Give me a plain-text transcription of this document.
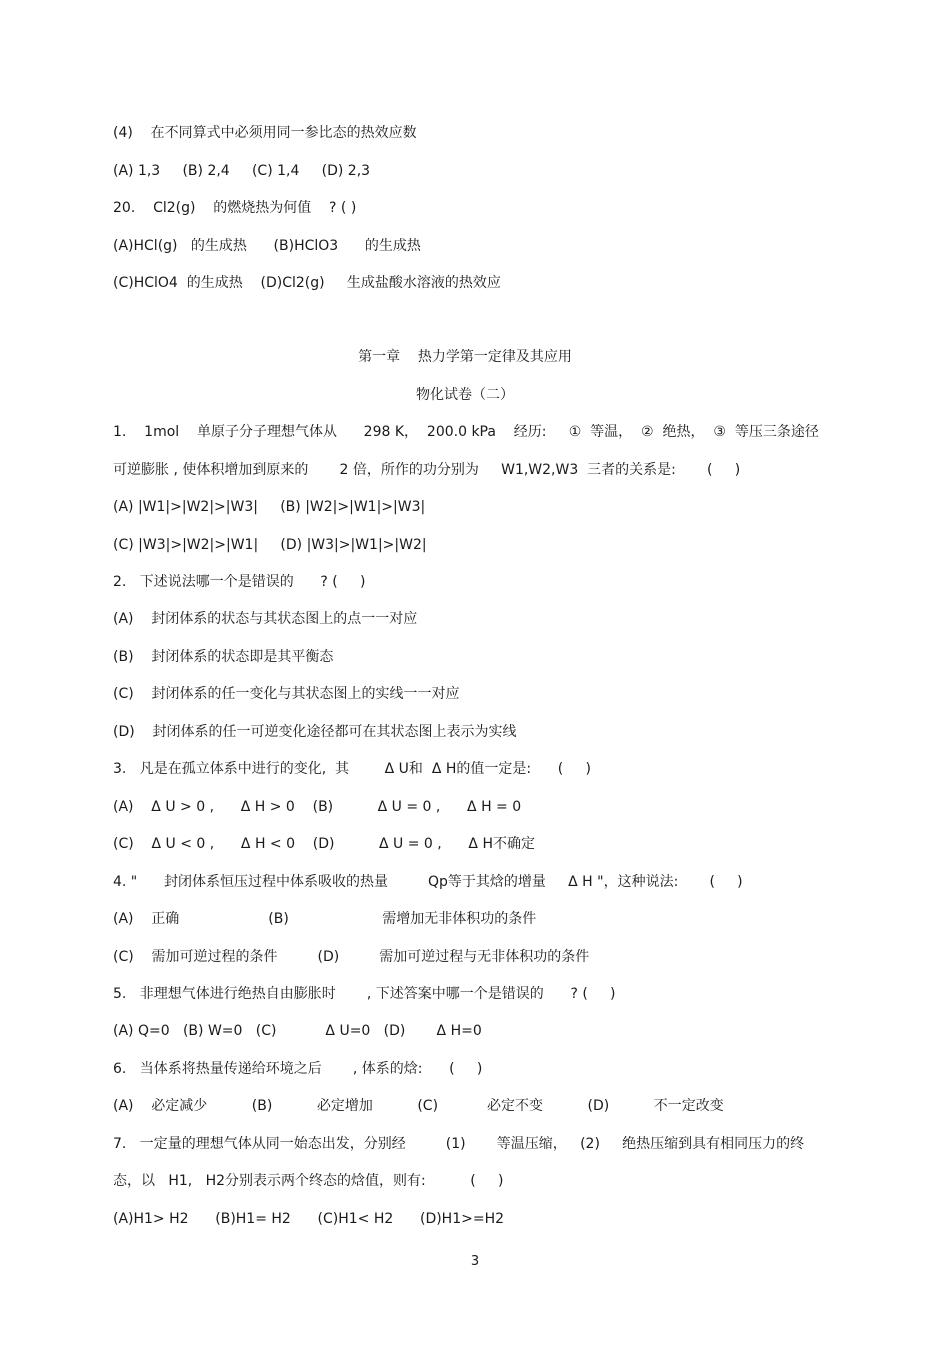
(4)    在不同算式中必须用同一参比态的热效应数
(A) 1,3     (B) 2,4     (C) 1,4     (D) 2,3
20.    Cl2(g)    的燃烧热为何值    ? ( )
(A)HCl(g)   的生成热      (B)HClO3      的生成热
(C)HClO4  的生成热    (D)Cl2(g)     生成盐酸水溶液的热效应
第一章    热力学第一定律及其应用
物化试卷（二）
1.    1mol    单原子分子理想气体从      298 K，  200.0 kPa    经历:     ①  等温，  ②  绝热，  ③  等压三条途径
可逆膨胀 , 使体积增加到原来的       2 倍，所作的功分别为     W1,W2,W3  三者的关系是:       (     )
(A) |W1|>|W2|>|W3|     (B) |W2|>|W1|>|W3|
(C) |W3|>|W2|>|W1|     (D) |W3|>|W1|>|W2|
2.   下述说法哪一个是错误的      ? (     )
(A)    封闭体系的状态与其状态图上的点一一对应
(B)    封闭体系的状态即是其平衡态
(C)    封闭体系的任一变化与其状态图上的实线一一对应
(D)    封闭体系的任一可逆变化途径都可在其状态图上表示为实线
3.   凡是在孤立体系中进行的变化,  其        Δ U和  Δ H的值一定是:      (     )
(A)    Δ U > 0 ,      Δ H > 0    (B)          Δ U = 0 ,      Δ H = 0
(C)    Δ U < 0 ,      Δ H < 0    (D)          Δ U = 0 ,      Δ H不确定
4. "      封闭体系恒压过程中体系吸收的热量         Qp等于其焓的增量     Δ H "，这种说法:       (     )
(A)    正确                    (B)                     需增加无非体积功的条件
(C)    需加可逆过程的条件         (D)         需加可逆过程与无非体积功的条件
5.   非理想气体进行绝热自由膨胀时       , 下述答案中哪一个是错误的      ? (     )
(A) Q=0   (B) W=0   (C)           Δ U=0   (D)       Δ H=0
6.   当体系将热量传递给环境之后       , 体系的焓:      (     )
(A)    必定减少          (B)          必定增加          (C)           必定不变          (D)          不一定改变
7.   一定量的理想气体从同一始态出发，分别经         (1)       等温压缩，   (2)     绝热压缩到具有相同压力的终
态，以   H1,   H2分别表示两个终态的焓值，则有:          (     )
(A)H1> H2      (B)H1= H2      (C)H1< H2      (D)H1>=H2
3
